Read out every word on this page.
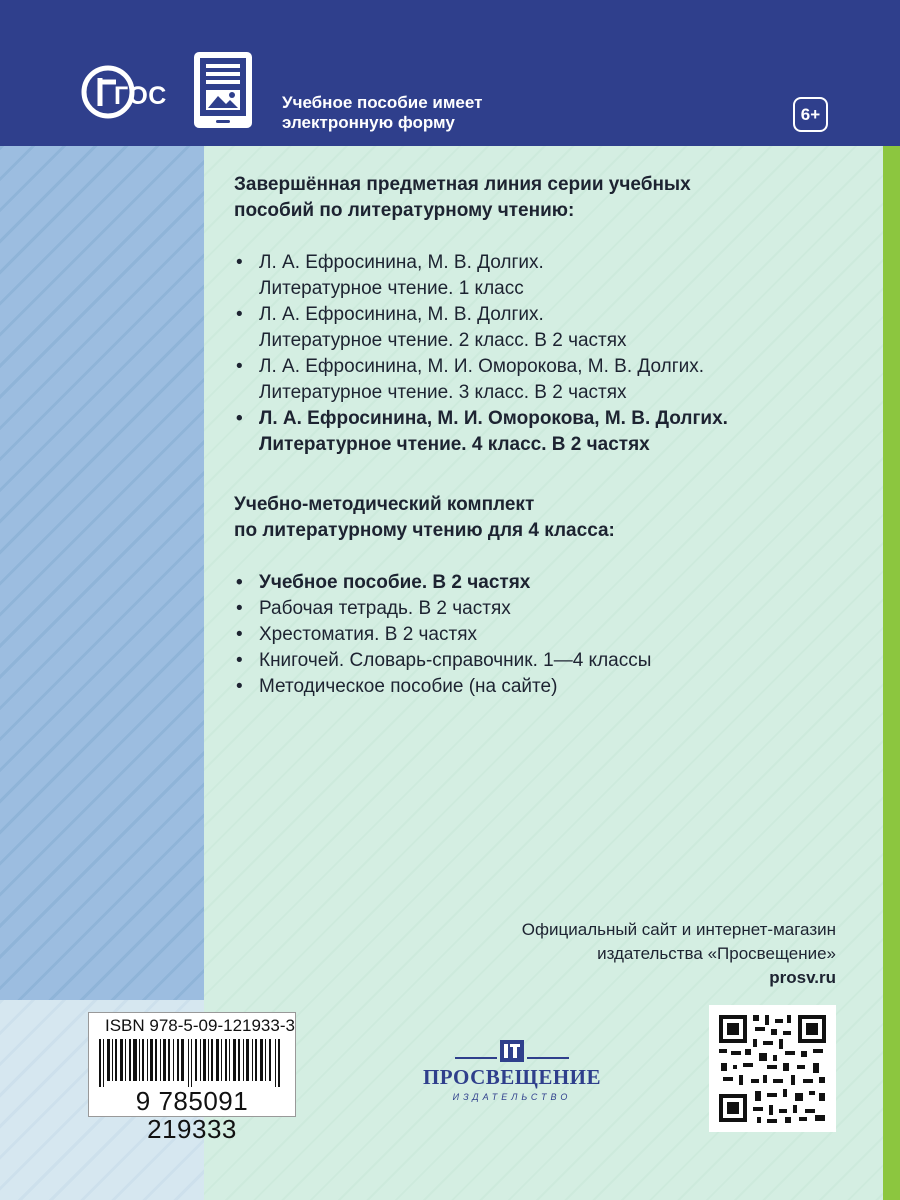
ГОС	Учебное пособие имеет
электронную форму	6+
Завершённая предметная линия серии учебных
пособий по литературному чтению:
• Л. А. Ефросинина, М. В. Долгих.
Литературное чтение. 1 класс
• Л. А. Ефросинина, М. В. Долгих.
Литературное чтение. 2 класс. В 2 частях
• Л. А. Ефросинина, М. И. Оморокова, М. В. Долгих.
Литературное чтение. 3 класс. В 2 частях
• Л. А. Ефросинина, М. И. Оморокова, М. В. Долгих.
Литературное чтение. 4 класс. В 2 частях
Учебно-методический комплект
по литературному чтению для 4 класса:
• Учебное пособие. В 2 частях
• Рабочая тетрадь. В 2 частях
• Хрестоматия. В 2 частях
• Книгочей. Словарь-справочник. 1—4 классы
• Методическое пособие (на сайте)
Официальный сайт и интернет-магазин
издательства «Просвещение»
prosv.ru
ISBN 978-5-09-121933-3
9 785091 219333
ПРОСВЕЩЕНИЕ
ИЗДАТЕЛЬСТВО
